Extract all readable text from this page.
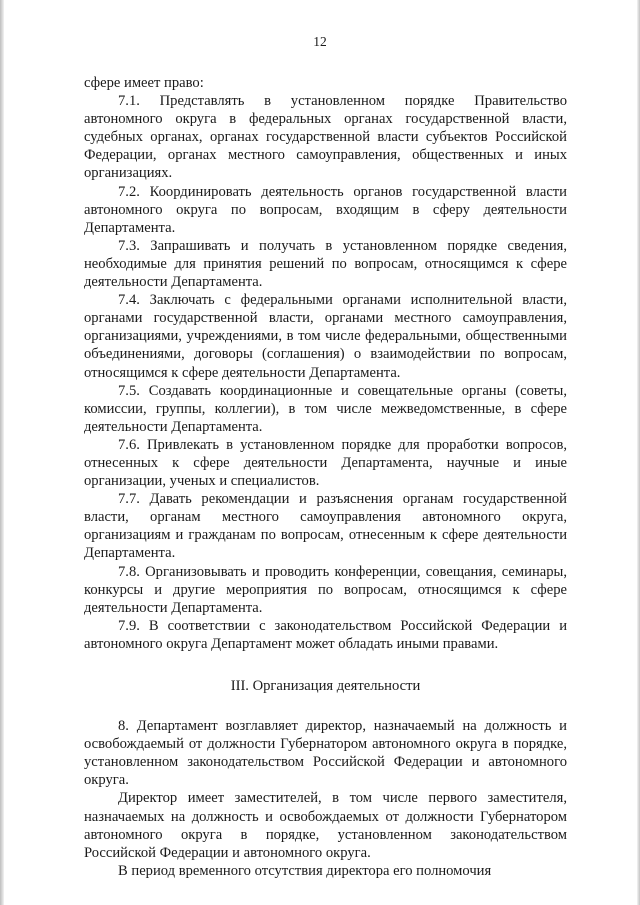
12

сфере имеет право:

7.1. Представлять в установленном порядке Правительство автономного округа в федеральных органах государственной власти, судебных органах, органах государственной власти субъектов Российской Федерации, органах местного самоуправления, общественных и иных организациях.

7.2. Координировать деятельность органов государственной власти автономного округа по вопросам, входящим в сферу деятельности Департамента.

7.3. Запрашивать и получать в установленном порядке сведения, необходимые для принятия решений по вопросам, относящимся к сфере деятельности Департамента.

7.4. Заключать с федеральными органами исполнительной власти, органами государственной власти, органами местного самоуправления, организациями, учреждениями, в том числе федеральными, общественными объединениями, договоры (соглашения) о взаимодействии по вопросам, относящимся к сфере деятельности Департамента.

7.5. Создавать координационные и совещательные органы (советы, комиссии, группы, коллегии), в том числе межведомственные, в сфере деятельности Департамента.

7.6. Привлекать в установленном порядке для проработки вопросов, отнесенных к сфере деятельности Департамента, научные и иные организации, ученых и специалистов.

7.7. Давать рекомендации и разъяснения органам государственной власти, органам местного самоуправления автономного округа, организациям и гражданам по вопросам, отнесенным к сфере деятельности Департамента.

7.8. Организовывать и проводить конференции, совещания, семинары, конкурсы и другие мероприятия по вопросам, относящимся к сфере деятельности Департамента.

7.9. В соответствии с законодательством Российской Федерации и автономного округа Департамент может обладать иными правами.

III. Организация деятельности

8. Департамент возглавляет директор, назначаемый на должность и освобождаемый от должности Губернатором автономного округа в порядке, установленном законодательством Российской Федерации и автономного округа.

Директор имеет заместителей, в том числе первого заместителя, назначаемых на должность и освобождаемых от должности Губернатором автономного округа в порядке, установленном законодательством Российской Федерации и автономного округа.

В период временного отсутствия директора его полномочия
